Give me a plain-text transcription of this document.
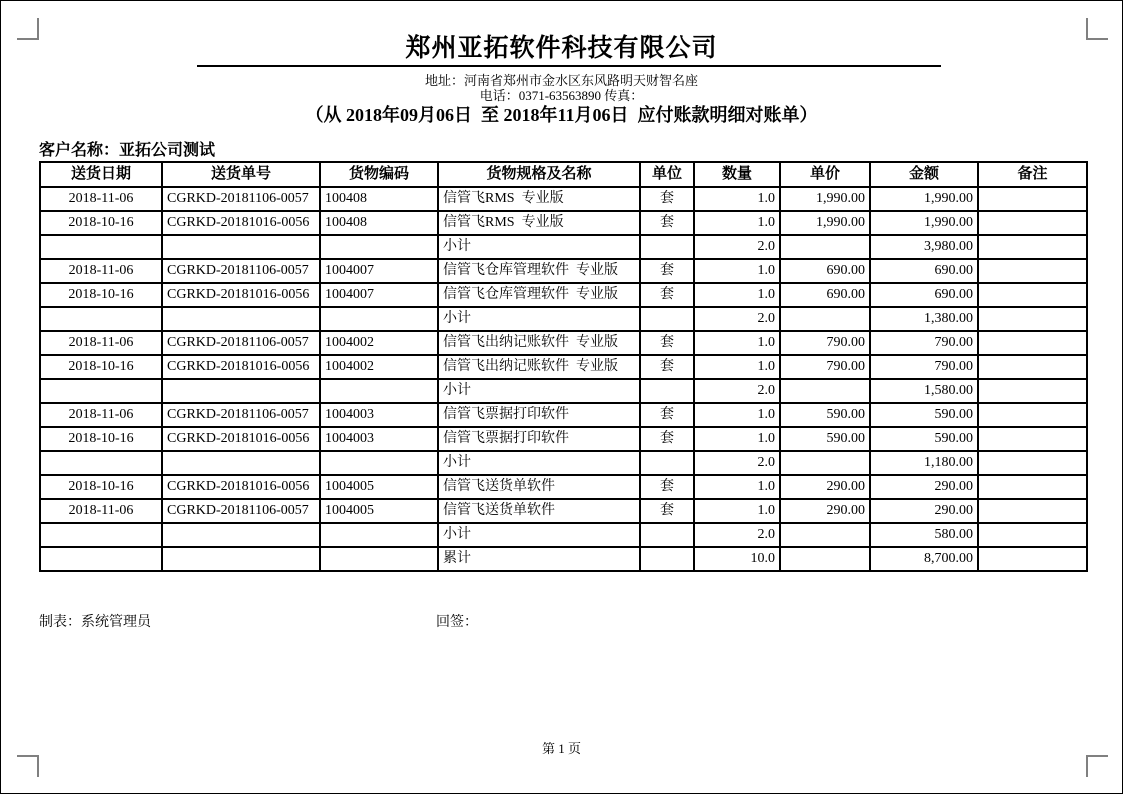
郑州亚拓软件科技有限公司
地址：河南省郑州市金水区东风路明天财智名座
电话：0371-63563890 传真：
（从 2018年09月06日  至 2018年11月06日  应付账款明细对账单）
客户名称：亚拓公司测试
送货日期	送货单号	货物编码	货物规格及名称	单位	数量	单价	金额	备注
2018-11-06	CGRKD-20181106-0057	100408	信管飞RMS  专业版	套	1.0	1,990.00	1,990.00	
2018-10-16	CGRKD-20181016-0056	100408	信管飞RMS  专业版	套	1.0	1,990.00	1,990.00	
			小计		2.0		3,980.00	
2018-11-06	CGRKD-20181106-0057	1004007	信管飞仓库管理软件  专业版	套	1.0	690.00	690.00	
2018-10-16	CGRKD-20181016-0056	1004007	信管飞仓库管理软件  专业版	套	1.0	690.00	690.00	
			小计		2.0		1,380.00	
2018-11-06	CGRKD-20181106-0057	1004002	信管飞出纳记账软件  专业版	套	1.0	790.00	790.00	
2018-10-16	CGRKD-20181016-0056	1004002	信管飞出纳记账软件  专业版	套	1.0	790.00	790.00	
			小计		2.0		1,580.00	
2018-11-06	CGRKD-20181106-0057	1004003	信管飞票据打印软件	套	1.0	590.00	590.00	
2018-10-16	CGRKD-20181016-0056	1004003	信管飞票据打印软件	套	1.0	590.00	590.00	
			小计		2.0		1,180.00	
2018-10-16	CGRKD-20181016-0056	1004005	信管飞送货单软件	套	1.0	290.00	290.00	
2018-11-06	CGRKD-20181106-0057	1004005	信管飞送货单软件	套	1.0	290.00	290.00	
			小计		2.0		580.00	
			累计		10.0		8,700.00	
制表：系统管理员	回签：
第 1 页
